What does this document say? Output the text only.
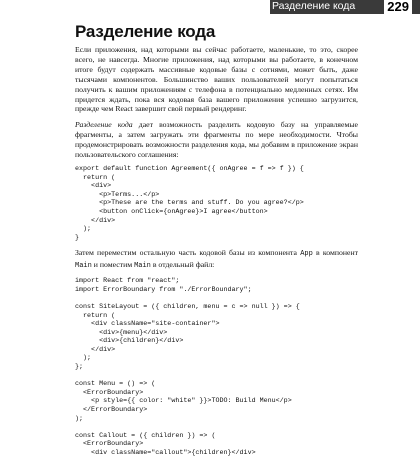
Разделение кода 229
Разделение кода

Если приложения, над которыми вы сейчас работаете, маленькие, то это, скорее всего, не навсегда. Многие приложения, над которыми вы работаете, в конечном итоге будут содержать массивные кодовые базы с сотнями, может быть, даже тысячами компонентов. Большинство ваших пользователей могут попытаться получить к вашим приложениям с телефона в потенциально медленных сетях. Им придется ждать, пока вся кодовая база вашего приложения успешно загрузится, прежде чем React завершит свой первый рендеринг.

Разделение кода дает возможность разделить кодовую базу на управляемые фрагменты, а затем загружать эти фрагменты по мере необходимости. Чтобы продемонстрировать возможности разделения кода, мы добавим в приложение экран пользовательского соглашения:

export default function Agreement({ onAgree = f => f }) {
return (
<div>
<p>Terms...</p>
<p>These are the terms and stuff. Do you agree?</p>
<button onClick={onAgree}>I agree</button>
</div>
);
}

Затем переместим остальную часть кодовой базы из компонента App в компонент Main и поместим Main в отдельный файл:

import React from "react";
import ErrorBoundary from "./ErrorBoundary";

const SiteLayout = ({ children, menu = c => null }) => {
return (
<div className="site-container">
<div>{menu}</div>
<div>{children}</div>
</div>
);
};

const Menu = () => (
<ErrorBoundary>
<p style={{ color: "white" }}>TODO: Build Menu</p>
</ErrorBoundary>
);

const Callout = ({ children }) => (
<ErrorBoundary>
<div className="callout">{children}</div>
